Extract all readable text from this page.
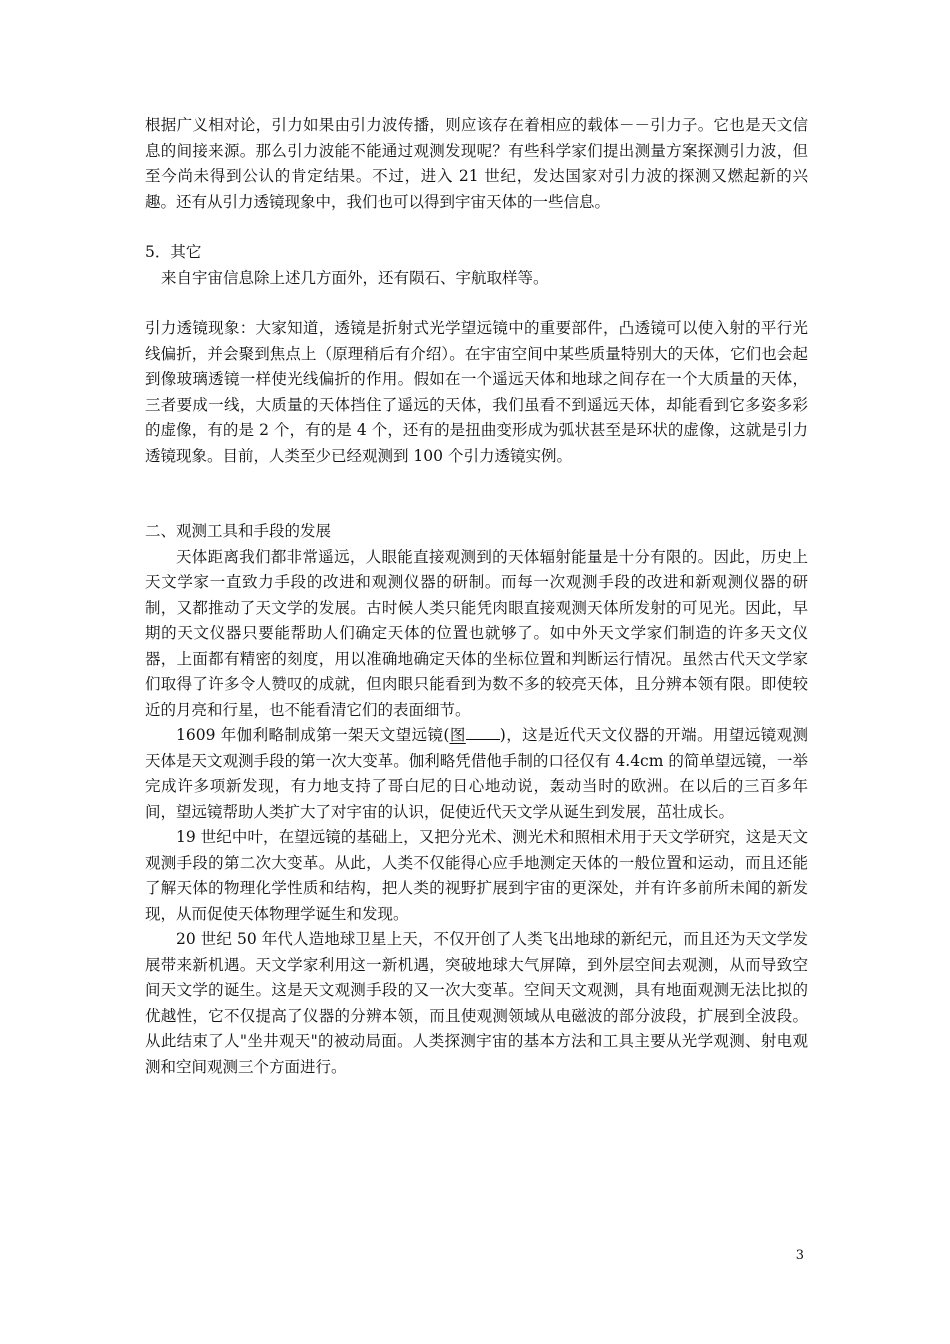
根据广义相对论，引力如果由引力波传播，则应该存在着相应的载体－－引力子。它也是天文信息的间接来源。那么引力波能不能通过观测发现呢？有些科学家们提出测量方案探测引力波，但至今尚未得到公认的肯定结果。不过，进入 21 世纪，发达国家对引力波的探测又燃起新的兴趣。还有从引力透镜现象中，我们也可以得到宇宙天体的一些信息。

5．其它

来自宇宙信息除上述几方面外，还有陨石、宇航取样等。

引力透镜现象：大家知道，透镜是折射式光学望远镜中的重要部件，凸透镜可以使入射的平行光线偏折，并会聚到焦点上（原理稍后有介绍）。在宇宙空间中某些质量特别大的天体，它们也会起到像玻璃透镜一样使光线偏折的作用。假如在一个遥远天体和地球之间存在一个大质量的天体，三者要成一线，大质量的天体挡住了遥远的天体，我们虽看不到遥远天体，却能看到它多姿多彩的虚像，有的是 2 个，有的是 4 个，还有的是扭曲变形成为弧状甚至是环状的虚像，这就是引力透镜现象。目前，人类至少已经观测到 100 个引力透镜实例。

二、观测工具和手段的发展

天体距离我们都非常遥远，人眼能直接观测到的天体辐射能量是十分有限的。因此，历史上天文学家一直致力手段的改进和观测仪器的研制。而每一次观测手段的改进和新观测仪器的研制，又都推动了天文学的发展。古时候人类只能凭肉眼直接观测天体所发射的可见光。因此，早期的天文仪器只要能帮助人们确定天体的位置也就够了。如中外天文学家们制造的许多天文仪器，上面都有精密的刻度，用以准确地确定天体的坐标位置和判断运行情况。虽然古代天文学家们取得了许多令人赞叹的成就，但肉眼只能看到为数不多的较亮天体，且分辨本领有限。即使较近的月亮和行星，也不能看清它们的表面细节。

1609 年伽利略制成第一架天文望远镜(图 )，这是近代天文仪器的开端。用望远镜观测天体是天文观测手段的第一次大变革。伽利略凭借他手制的口径仅有 4.4cm 的简单望远镜，一举完成许多项新发现，有力地支持了哥白尼的日心地动说，轰动当时的欧洲。在以后的三百多年间，望远镜帮助人类扩大了对宇宙的认识，促使近代天文学从诞生到发展，茁壮成长。

19 世纪中叶，在望远镜的基础上，又把分光术、测光术和照相术用于天文学研究，这是天文观测手段的第二次大变革。从此，人类不仅能得心应手地测定天体的一般位置和运动，而且还能了解天体的物理化学性质和结构，把人类的视野扩展到宇宙的更深处，并有许多前所未闻的新发现，从而促使天体物理学诞生和发现。

20 世纪 50 年代人造地球卫星上天，不仅开创了人类飞出地球的新纪元，而且还为天文学发展带来新机遇。天文学家利用这一新机遇，突破地球大气屏障，到外层空间去观测，从而导致空间天文学的诞生。这是天文观测手段的又一次大变革。空间天文观测，具有地面观测无法比拟的优越性，它不仅提高了仪器的分辨本领，而且使观测领域从电磁波的部分波段，扩展到全波段。从此结束了人"坐井观天"的被动局面。人类探测宇宙的基本方法和工具主要从光学观测、射电观测和空间观测三个方面进行。

3
